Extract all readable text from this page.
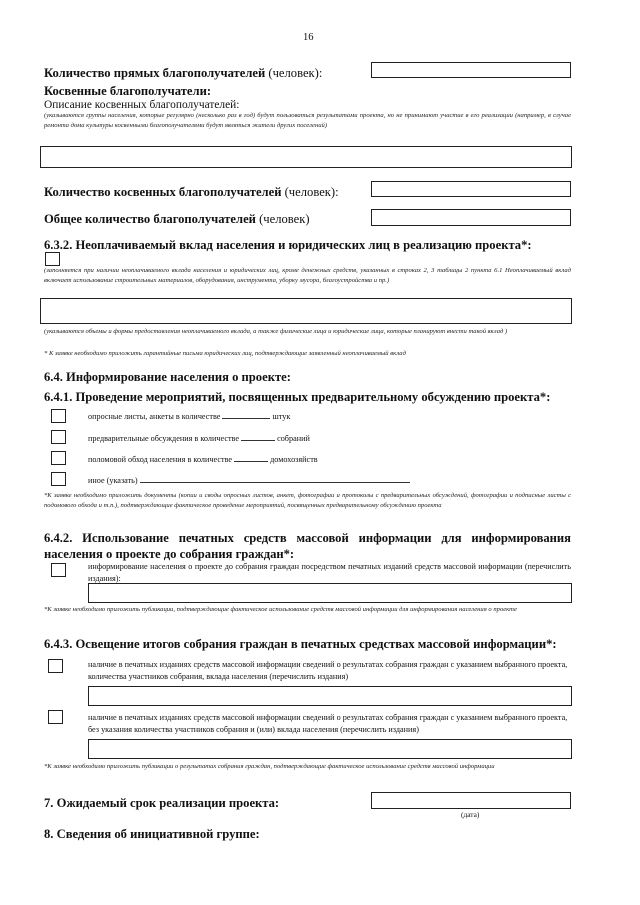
16
Количество прямых благополучателей (человек):
Косвенные благополучатели:
Описание косвенных благополучателей:
(указываются группы населения, которые регулярно (несколько раз в год) будут пользоваться результатами проекта, но не принимают участие в его реализации (например, в случае ремонта дома культуры косвенными благополучателями будут являться жители других поселений)
Количество косвенных благополучателей (человек):
Общее количество благополучателей (человек)
6.3.2. Неоплачиваемый вклад населения и юридических лиц в реализацию проекта*:
(заполняется при наличии неоплачиваемого вклада населения и юридических лиц, кроме денежных средств, указанных в строках 2, 3 таблицы 2 пункта 6.1 Неоплачиваемый вклад включает использование строительных материалов, оборудования, инструмента, уборку мусора, благоустройства и пр.)
(указываются объемы и формы предоставления неоплачиваемого вклада, а также физические лица и юридические лица, которые планируют внести такой вклад )
* К заявке необходимо приложить гарантийные письма юридических лиц, подтверждающие заявленный неоплачиваемый вклад
6.4. Информирование населения о проекте:
6.4.1. Проведение мероприятий, посвященных предварительному обсуждению проекта*:
опросные листы, анкеты в количестве	штук
предварительные обсуждения в количестве	собраний
поломовой обход населения в количестве	домохозяйств
иное (указать)
*К заявке необходимо приложить документы (копии и своды опросных листов, анкет, фотографии и протоколы с предварительных обсуждений, фотографии и подписные листы с подомового обхода и т.п.), подтверждающие фактическое проведение мероприятий, посвященных предварительному обсуждению проекта
6.4.2. Использование печатных средств массовой информации для информирования населения о проекте до собрания граждан*:
информирование населения о проекте до собрания граждан посредством печатных изданий средств массовой информации (перечислить издания):
*К заявке необходимо приложить публикации, подтверждающие фактическое использование средств массовой информации для информирования населения о проекте
6.4.3. Освещение итогов собрания граждан в печатных средствах массовой информации*:
наличие в печатных изданиях средств массовой информации сведений о результатах собрания граждан с указанием выбранного проекта, количества участников собрания, вклада населения (перечислить издания)
наличие в печатных изданиях средств массовой информации сведений о результатах собрания граждан с указанием выбранного проекта, без указания количества участников собрания и (или) вклада населения (перечислить издания)
*К заявке необходимо приложить публикации о результатах собрания граждан, подтверждающие фактическое использование средств массовой информации
7. Ожидаемый срок реализации проекта:
(дата)
8. Сведения об инициативной группе:
